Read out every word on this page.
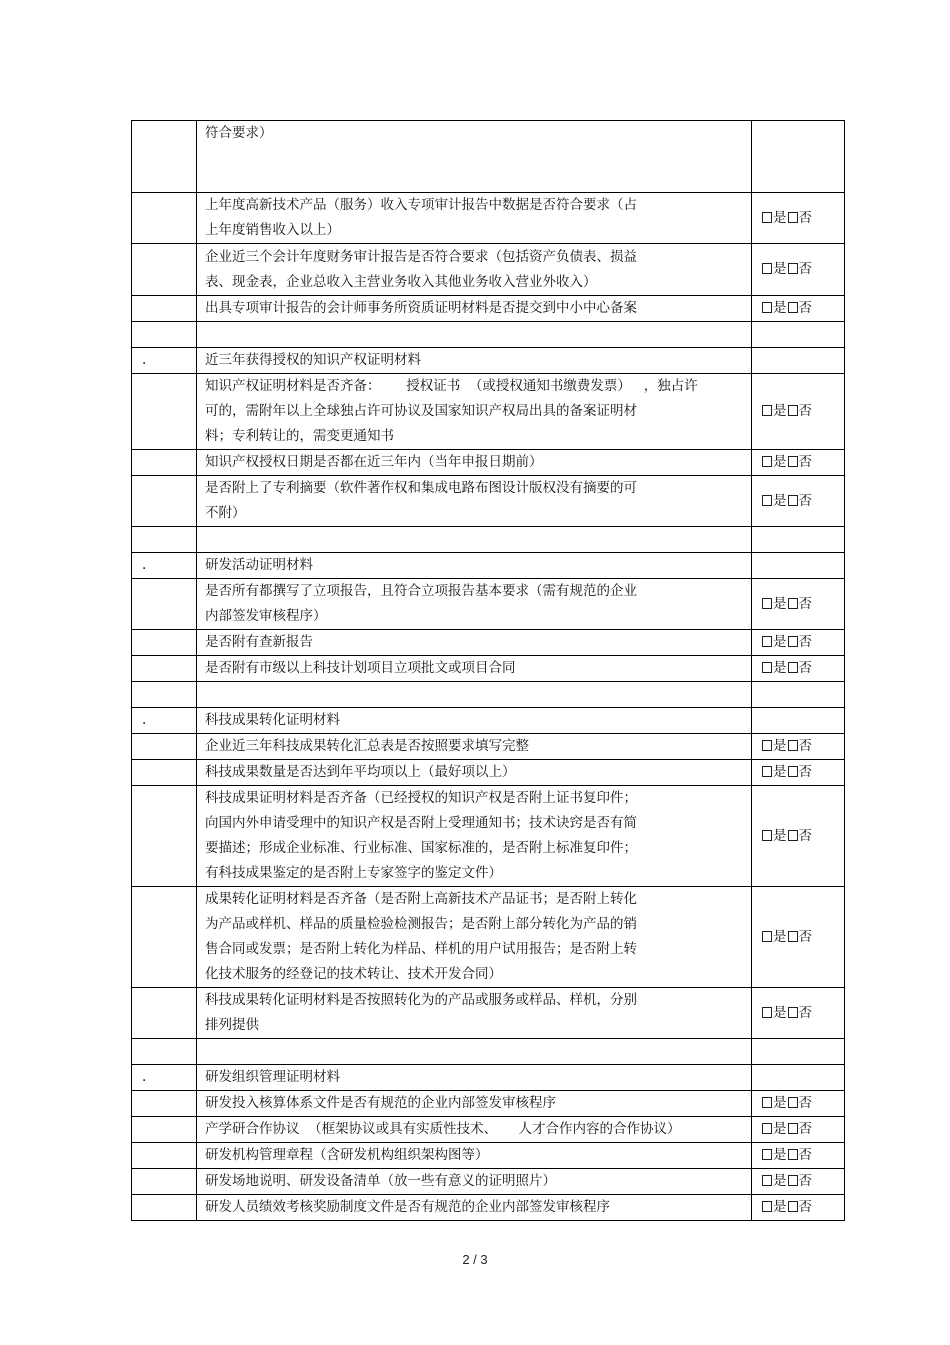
	符合要求）	
	上年度高新技术产品（服务）收入专项审计报告中数据是否符合要求（占
上年度销售收入以上）	是 否
	企业近三个会计年度财务审计报告是否符合要求（包括资产负债表、损益
表、现金表，企业总收入主营业务收入其他业务收入营业外收入）	是 否
	出具专项审计报告的会计师事务所资质证明材料是否提交到中小中心备案	是 否

.	近三年获得授权的知识产权证明材料	
	知识产权证明材料是否齐备：      授权证书  （或授权通知书缴费发票）   ，独占许
可的，需附年以上全球独占许可协议及国家知识产权局出具的备案证明材
料；专利转让的，需变更通知书	是 否
	知识产权授权日期是否都在近三年内（当年申报日期前）	是 否
	是否附上了专利摘要（软件著作权和集成电路布图设计版权没有摘要的可
不附）	是 否

.	研发活动证明材料	
	是否所有都撰写了立项报告，且符合立项报告基本要求（需有规范的企业
内部签发审核程序）	是 否
	是否附有查新报告	是 否
	是否附有市级以上科技计划项目立项批文或项目合同	是 否

.	科技成果转化证明材料	
	企业近三年科技成果转化汇总表是否按照要求填写完整	是 否
	科技成果数量是否达到年平均项以上（最好项以上）	是 否
	科技成果证明材料是否齐备（已经授权的知识产权是否附上证书复印件；
向国内外申请受理中的知识产权是否附上受理通知书；技术诀窍是否有简
要描述；形成企业标准、行业标准、国家标准的，是否附上标准复印件；
有科技成果鉴定的是否附上专家签字的鉴定文件）	是 否
	成果转化证明材料是否齐备（是否附上高新技术产品证书；是否附上转化
为产品或样机、样品的质量检验检测报告；是否附上部分转化为产品的销
售合同或发票；是否附上转化为样品、样机的用户试用报告；是否附上转
化技术服务的经登记的技术转让、技术开发合同）	是 否
	科技成果转化证明材料是否按照转化为的产品或服务或样品、样机，分别
排列提供	是 否

.	研发组织管理证明材料	
	研发投入核算体系文件是否有规范的企业内部签发审核程序	是 否
	产学研合作协议  （框架协议或具有实质性技术、     人才合作内容的合作协议）	是 否
	研发机构管理章程（含研发机构组织架构图等）	是 否
	研发场地说明、研发设备清单（放一些有意义的证明照片）	是 否
	研发人员绩效考核奖励制度文件是否有规范的企业内部签发审核程序	是 否
2 / 3
